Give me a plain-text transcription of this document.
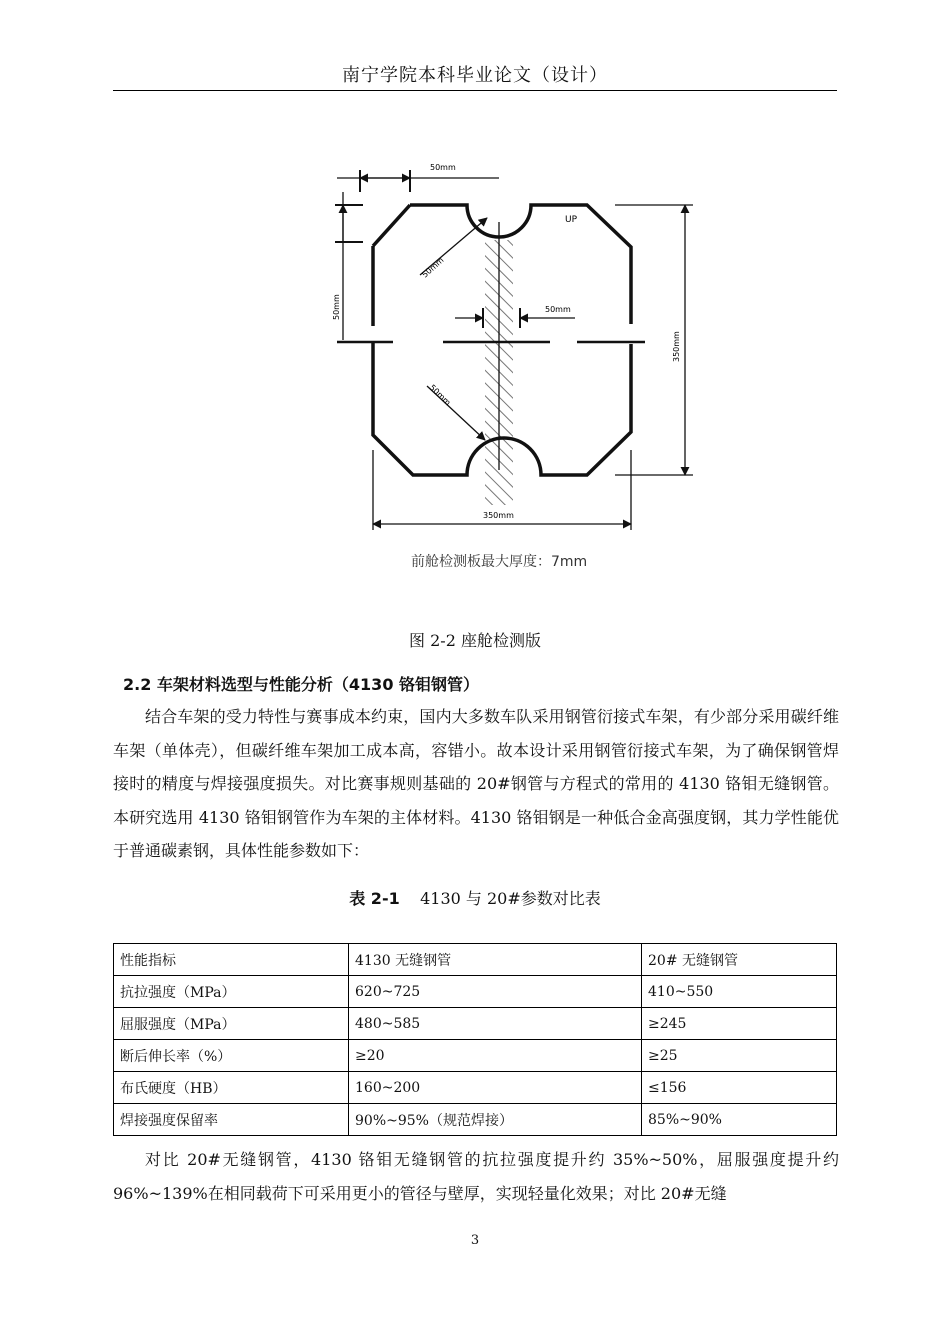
南宁学院本科毕业论文（设计）
50mm
50mm
50mm
UP
50mm
50mm
350mm
350mm
前舱检测板最大厚度：7mm
图 2-2 座舱检测版
2.2 车架材料选型与性能分析（4130 铬钼钢管）

结合车架的受力特性与赛事成本约束，国内大多数车队采用钢管衍接式车架，有少部分采用碳纤维车架（单体壳），但碳纤维车架加工成本高，容错小。故本设计采用钢管衍接式车架，为了确保钢管焊接时的精度与焊接强度损失。对比赛事规则基础的 20#钢管与方程式的常用的 4130 铬钼无缝钢管。本研究选用 4130 铬钼钢管作为车架的主体材料。4130 铬钼钢是一种低合金高强度钢，其力学性能优于普通碳素钢，具体性能参数如下：

表 2-1 4130 与 20#参数对比表
性能指标	4130 无缝钢管	20# 无缝钢管
抗拉强度（MPa）	620~725	410~550
屈服强度（MPa）	480~585	≥245
断后伸长率（%）	≥20	≥25
布氏硬度（HB）	160~200	≤156
焊接强度保留率	90%~95%（规范焊接）	85%~90%

对比 20#无缝钢管，4130 铬钼无缝钢管的抗拉强度提升约 35%~50%，屈服强度提升约 96%~139%在相同载荷下可采用更小的管径与壁厚，实现轻量化效果；对比 20#无缝

3
